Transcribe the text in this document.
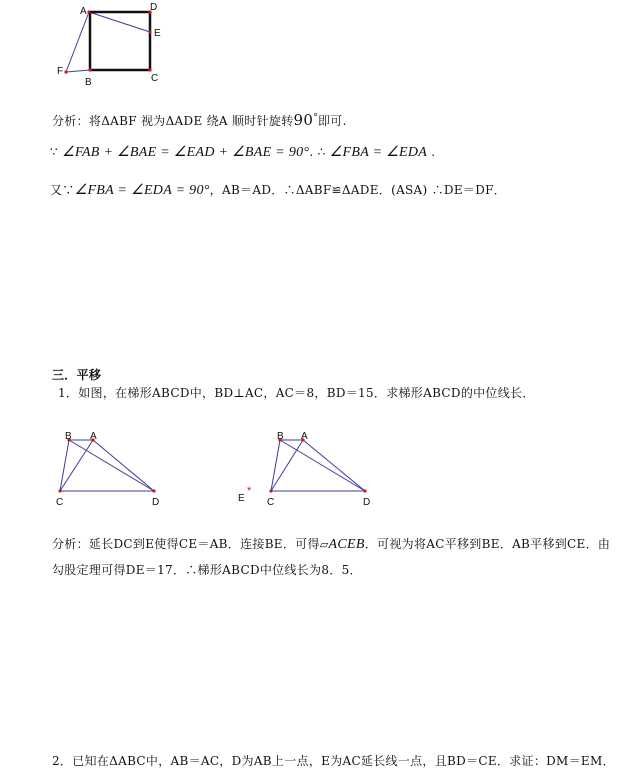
A	D
E
B	C
F
分析：将ΔABF 视为ΔADE 绕A 顺时针旋转90°即可.
∵ ∠FAB + ∠BAE = ∠EAD + ∠BAE = 90°. ∴ ∠FBA = ∠EDA .
又∵∠FBA = ∠EDA = 90°，AB＝AD．∴ΔABF≌ΔADE．(ASA) ∴DE＝DF．
三．平移
1．如图，在梯形ABCD中，BD⊥AC，AC＝8，BD＝15．求梯形ABCD的中位线长．
B A
C	D
B A
C	D
E
*
分析：延长DC到E使得CE＝AB．连接BE．可得▱ACEB．可视为将AC平移到BE．AB平移到CE．由
勾股定理可得DE＝17．∴梯形ABCD中位线长为8．5．
2．已知在ΔABC中，AB＝AC，D为AB上一点，E为AC延长线一点，且BD＝CE．求证：DM＝EM．
